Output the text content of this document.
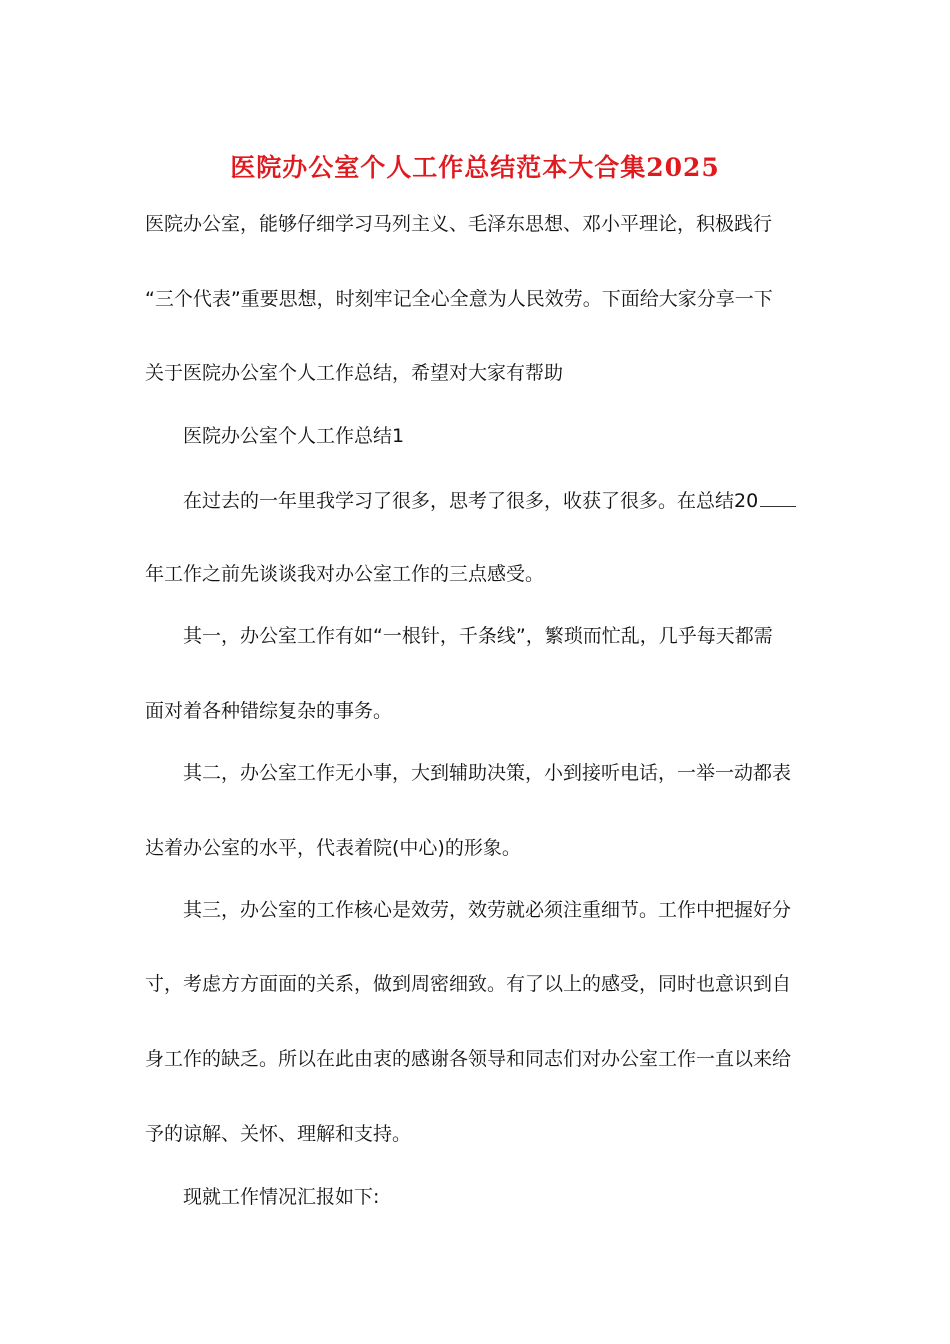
医院办公室个人工作总结范本大合集2025
医院办公室，能够仔细学习马列主义、毛泽东思想、邓小平理论，积极践行
“三个代表”重要思想，时刻牢记全心全意为人民效劳。下面给大家分享一下
关于医院办公室个人工作总结，希望对大家有帮助
医院办公室个人工作总结1
在过去的一年里我学习了很多，思考了很多，收获了很多。在总结20
年工作之前先谈谈我对办公室工作的三点感受。
其一，办公室工作有如“一根针，千条线”，繁琐而忙乱，几乎每天都需
面对着各种错综复杂的事务。
其二，办公室工作无小事，大到辅助决策，小到接听电话，一举一动都表
达着办公室的水平，代表着院(中心)的形象。
其三，办公室的工作核心是效劳，效劳就必须注重细节。工作中把握好分
寸，考虑方方面面的关系，做到周密细致。有了以上的感受，同时也意识到自
身工作的缺乏。所以在此由衷的感谢各领导和同志们对办公室工作一直以来给
予的谅解、关怀、理解和支持。
现就工作情况汇报如下:
